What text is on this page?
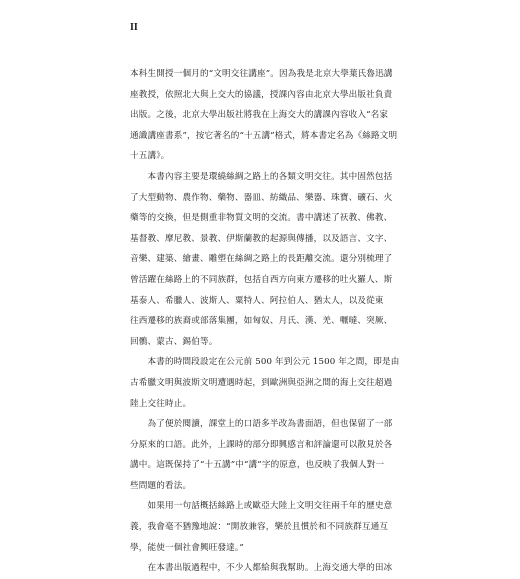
II
本科生開授一個月的“文明交往講座”。因為我是北京大學葉氏魯迅講
座教授，依照北大與上交大的協議，授課內容由北京大學出版社負責
出版。之後，北京大學出版社將我在上海交大的講課內容收入“名家
通識講座書系”，按它著名的“十五講”格式，將本書定名為《絲路文明
十五講》。
　　本書內容主要是環繞絲綢之路上的各類文明交往。其中固然包括
了大型動物、農作物、藥物、器皿、紡織品、樂器、珠寶、礦石、火
藥等的交換，但是側重非物質文明的交流。書中講述了祆教、佛教、
基督教、摩尼教、景教、伊斯蘭教的起源與傳播，以及語言、文字、
音樂、建築、繪畫、雕塑在絲綢之路上的長距離交流。還分別梳理了
曾活躍在絲路上的不同族群，包括自西方向東方遷移的吐火羅人、斯
基泰人、希臘人、波斯人、粟特人、阿拉伯人、猶太人，以及從東
往西遷移的族裔或部落集團，如匈奴、月氏、漢、羌、嚈噠、突厥、
回鶻、蒙古、錫伯等。
　　本書的時間段設定在公元前 500 年到公元 1500 年之間，即是由
古希臘文明與波斯文明遭遇時起，到歐洲與亞洲之間的海上交往超過
陸上交往時止。
　　為了便於閱讀，課堂上的口語多半改為書面語，但也保留了一部
分原來的口語。此外，上課時的部分即興感言和評論還可以散見於各
講中。這既保持了“十五講”中“講”字的原意，也反映了我個人對一
些問題的看法。
　　如果用一句話概括絲路上或歐亞大陸上文明交往兩千年的歷史意
義，我會毫不猶豫地說：“開放兼容，樂於且慣於和不同族群互通互
學，能使一個社會興旺發達。”
　　在本書出版過程中，不少人都給與我幫助。上海交通大學的田冰
